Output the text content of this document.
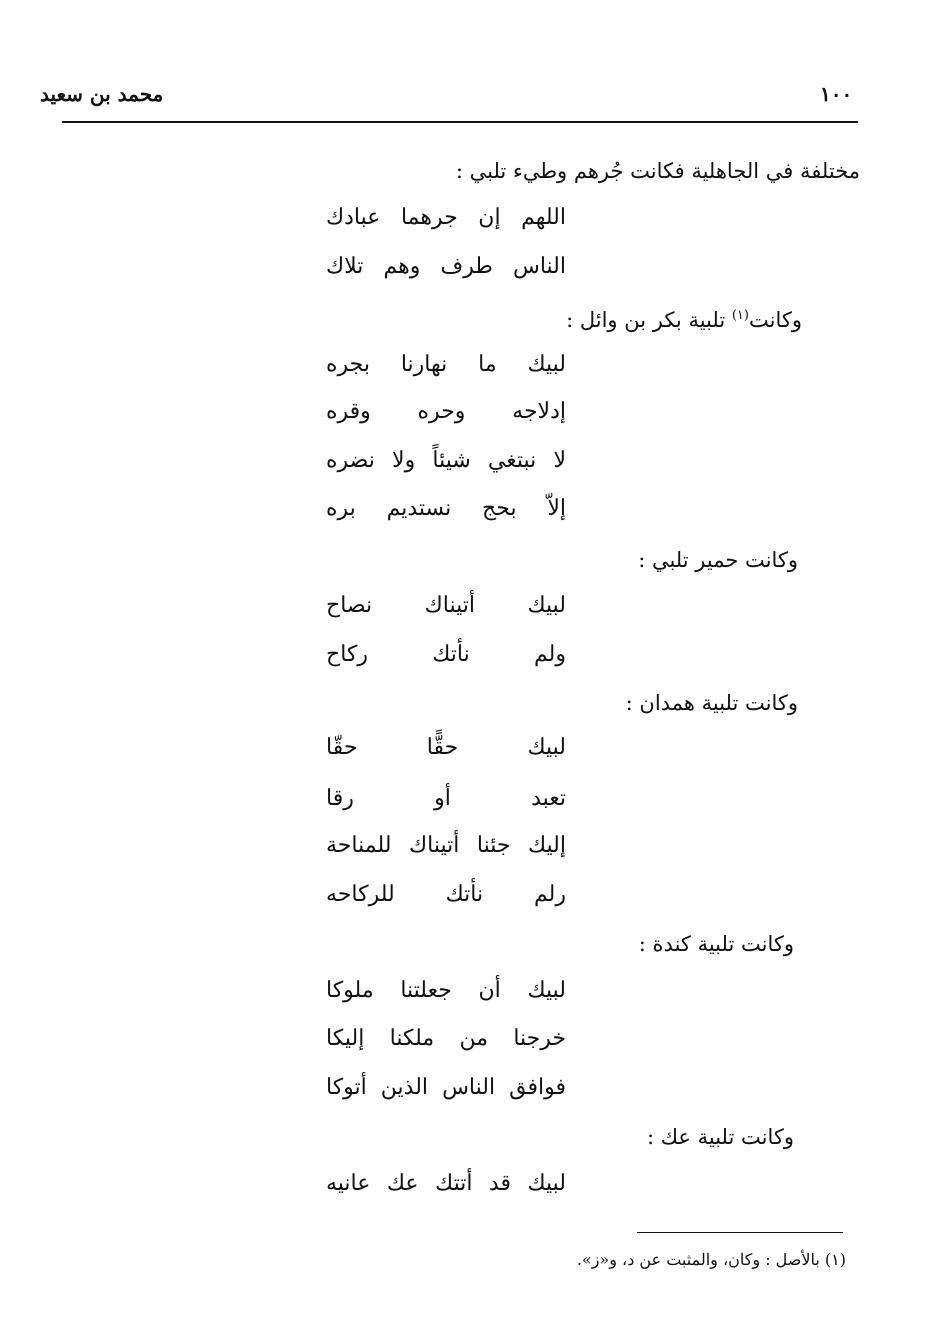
١٠٠
محمد بن سعيد
مختلفة في الجاهلية فكانت جُرهم وطيء تلبي :
اللهم إن جرهما عبادك
الناس طرف وهم تلاك
وكانت$^{(١)}$ تلبية بكر بن وائل :
لبيك ما نهارنا بجره
إدلاجه وحره وقره
لا نبتغي شيئاً ولا نضره
إلاّ بحج نستديم بره
وكانت حمير تلبي :
لبيك أتيناك نصاح
ولم نأتك ركاح
وكانت تلبية همدان :
لبيك حقًّا حقّا
تعبد أو رقا
إليك جئنا أتيناك للمناحة
رلم نأتك للركاحه
وكانت تلبية كندة :
لبيك أن جعلتنا ملوكا
خرجنا من ملكنا إليكا
فوافق الناس الذين أتوكا
وكانت تلبية عك :
لبيك قد أتتك عك عانيه
(١) بالأصل : وكان، والمثبت عن د، و«ز».
